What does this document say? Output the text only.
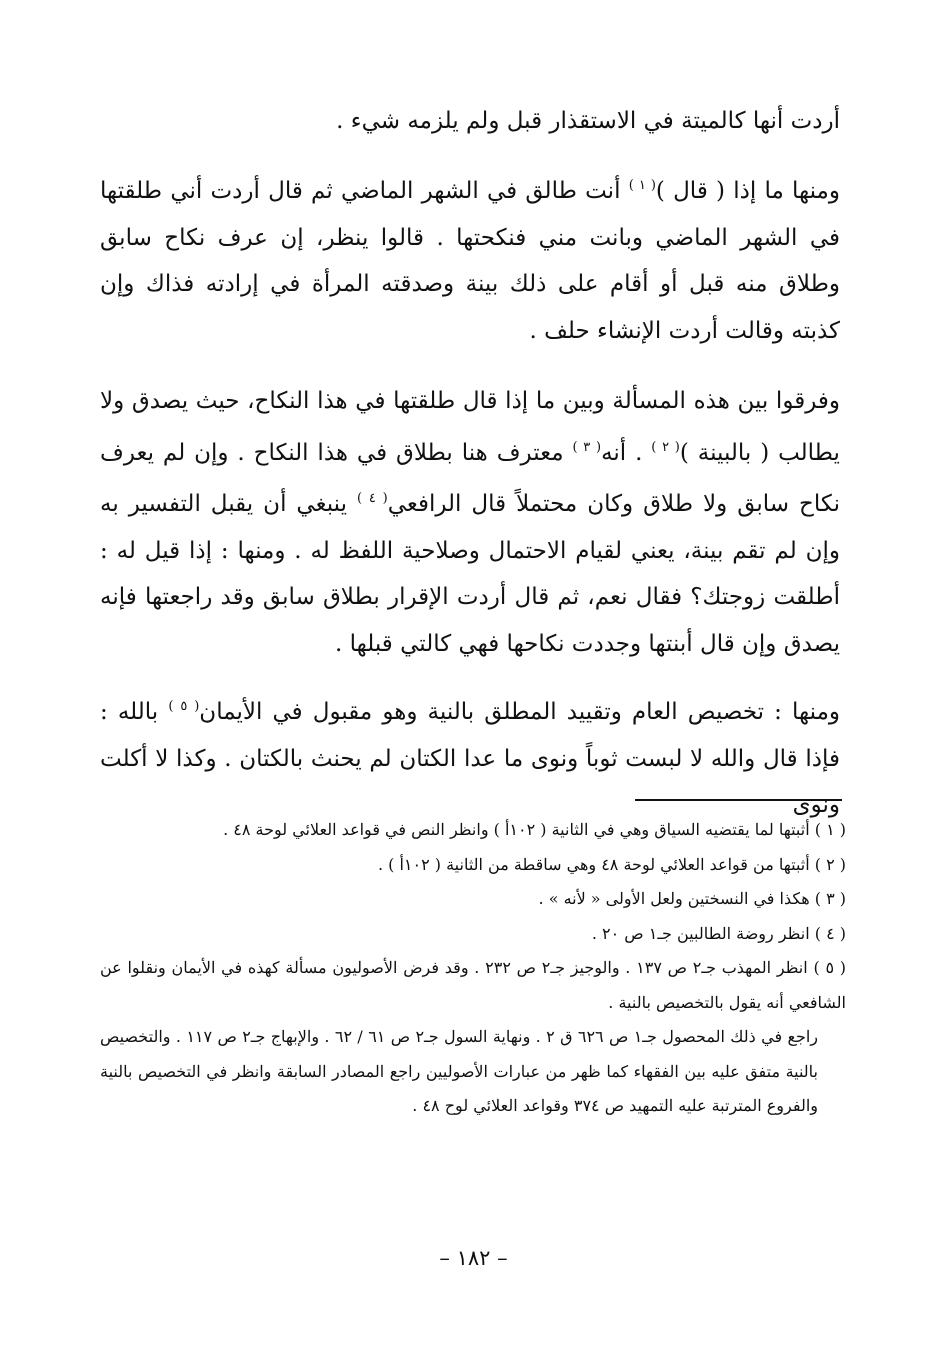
أردت أنها كالميتة في الاستقذار قبل ولم يلزمه شيء .

ومنها ما إذا ( قال )$^{( ١ )}$ أنت طالق في الشهر الماضي ثم قال أردت أني طلقتها في الشهر الماضي وبانت مني فنكحتها . قالوا ينظر، إن عرف نكاح سابق وطلاق منه قبل أو أقام على ذلك بينة وصدقته المرأة في إرادته فذاك وإن كذبته وقالت أردت الإنشاء حلف .

وفرقوا بين هذه المسألة وبين ما إذا قال طلقتها في هذا النكاح، حيث يصدق ولا يطالب ( بالبينة )$^{( ٢ )}$ . أنه$^{( ٣ )}$ معترف هنا بطلاق في هذا النكاح . وإن لم يعرف نكاح سابق ولا طلاق وكان محتملاً قال الرافعي$^{( ٤ )}$ ينبغي أن يقبل التفسير به وإن لم تقم بينة، يعني لقيام الاحتمال وصلاحية اللفظ له . ومنها : إذا قيل له : أطلقت زوجتك؟ فقال نعم، ثم قال أردت الإقرار بطلاق سابق وقد راجعتها فإنه يصدق وإن قال أبنتها وجددت نكاحها فهي كالتي قبلها .

ومنها : تخصيص العام وتقييد المطلق بالنية وهو مقبول في الأيمان$^{( ٥ )}$ بالله : فإذا قال والله لا لبست ثوباً ونوى ما عدا الكتان لم يحنث بالكتان . وكذا لا أكلت ونوى

( ١ ) أثبتها لما يقتضيه السياق وهي في الثانية ( ١٠٢أ ) وانظر النص في قواعد العلائي لوحة ٤٨ .

( ٢ ) أثبتها من قواعد العلائي لوحة ٤٨ وهي ساقطة من الثانية ( ١٠٢أ ) .

( ٣ ) هكذا في النسختين ولعل الأولى « لأنه » .

( ٤ ) انظر روضة الطالبين جـ١ ص ٢٠ .

( ٥ ) انظر المهذب جـ٢ ص ١٣٧ . والوجيز جـ٢ ص ٢٣٢ . وقد فرض الأصوليون مسألة كهذه في الأيمان ونقلوا عن الشافعي أنه يقول بالتخصيص بالنية .

راجع في ذلك المحصول جـ١ ص ٦٢٦ ق ٢ . ونهاية السول جـ٢ ص ٦١ / ٦٢ . والإبهاج جـ٢ ص ١١٧ . والتخصيص بالنية متفق عليه بين الفقهاء كما ظهر من عبارات الأصوليين راجع المصادر السابقة وانظر في التخصيص بالنية والفروع المترتبة عليه التمهيد ص ٣٧٤ وقواعد العلائي لوح ٤٨ .

– ١٨٢ –
